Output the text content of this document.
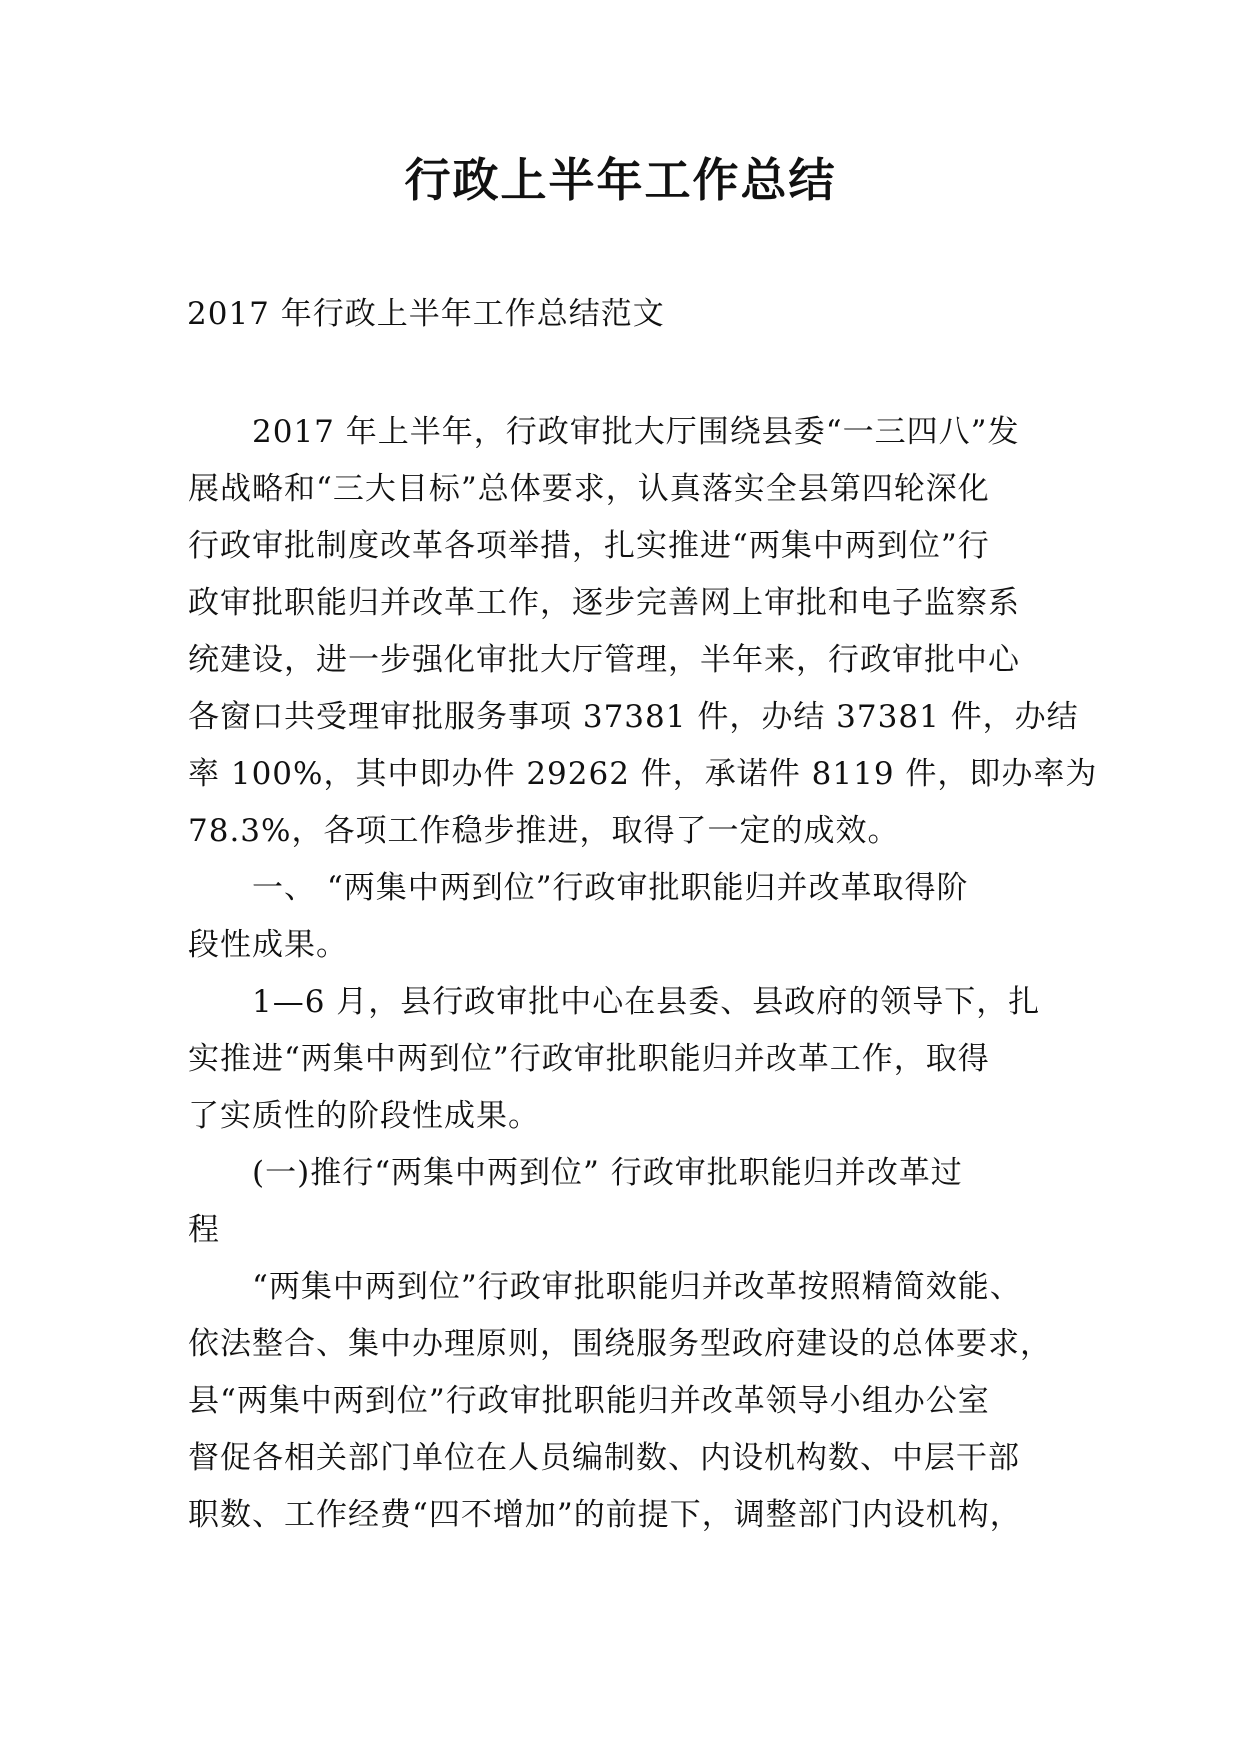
行政上半年工作总结

2017 年行政上半年工作总结范文

2017 年上半年，行政审批大厅围绕县委“一三四八”发
展战略和“三大目标”总体要求，认真落实全县第四轮深化
行政审批制度改革各项举措，扎实推进“两集中两到位”行
政审批职能归并改革工作，逐步完善网上审批和电子监察系
统建设，进一步强化审批大厅管理，半年来，行政审批中心
各窗口共受理审批服务事项 37381 件，办结 37381 件，办结
率 100%，其中即办件 29262 件，承诺件 8119 件，即办率为
78.3%，各项工作稳步推进，取得了一定的成效。
一、 “两集中两到位”行政审批职能归并改革取得阶
段性成果。
1—6 月，县行政审批中心在县委、县政府的领导下，扎
实推进“两集中两到位”行政审批职能归并改革工作，取得
了实质性的阶段性成果。
(一)推行“两集中两到位” 行政审批职能归并改革过
程
“两集中两到位”行政审批职能归并改革按照精简效能、
依法整合、集中办理原则，围绕服务型政府建设的总体要求，
县“两集中两到位”行政审批职能归并改革领导小组办公室
督促各相关部门单位在人员编制数、内设机构数、中层干部
职数、工作经费“四不增加”的前提下，调整部门内设机构，
